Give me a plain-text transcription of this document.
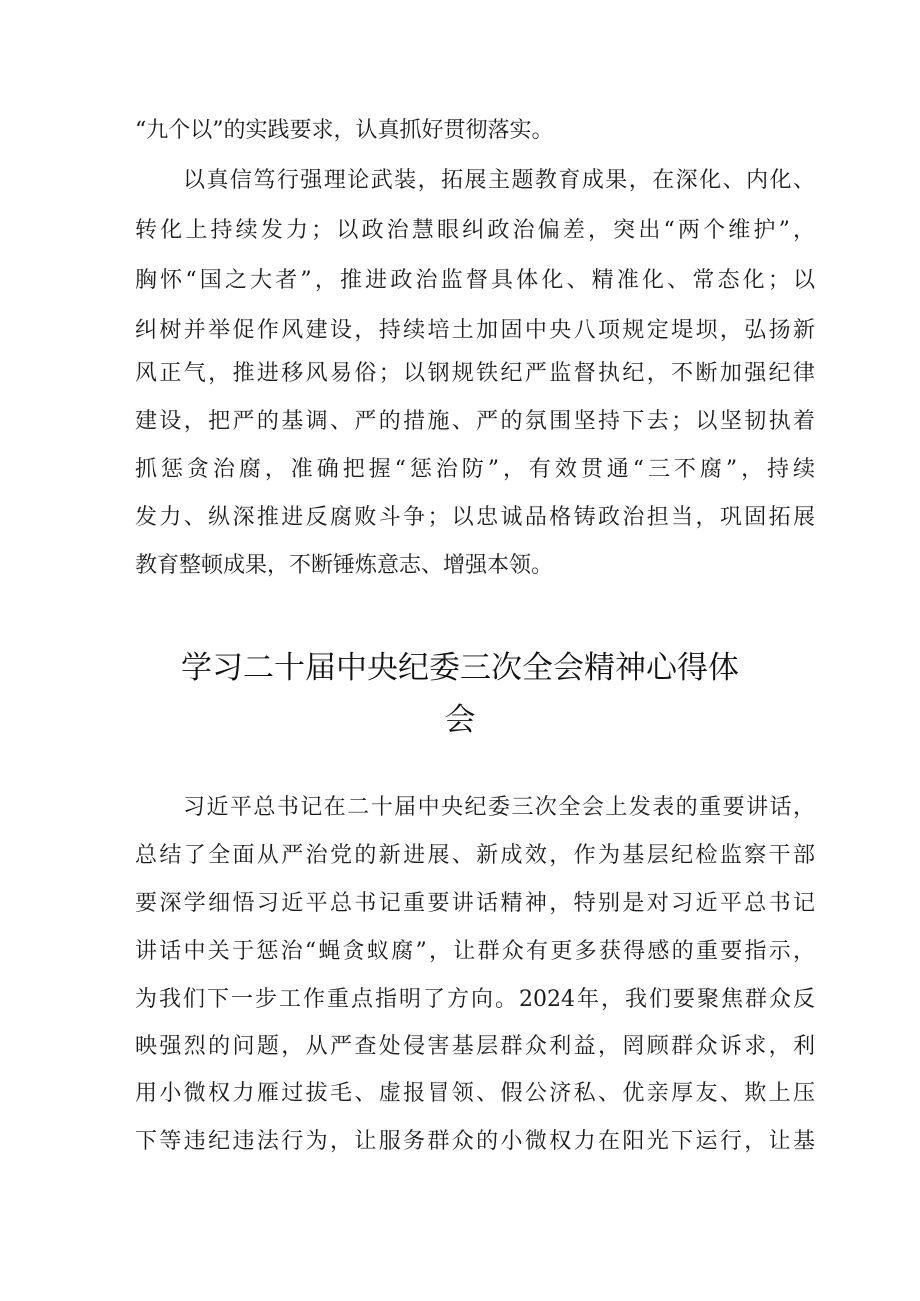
“九个以”的实践要求，认真抓好贯彻落实。
以真信笃行强理论武装，拓展主题教育成果，在深化、内化、
转化上持续发力；以政治慧眼纠政治偏差，突出“两个维护”，
胸怀“国之大者”，推进政治监督具体化、精准化、常态化；以
纠树并举促作风建设，持续培土加固中央八项规定堤坝，弘扬新
风正气，推进移风易俗；以钢规铁纪严监督执纪，不断加强纪律
建设，把严的基调、严的措施、严的氛围坚持下去；以坚韧执着
抓惩贪治腐，准确把握“惩治防”，有效贯通“三不腐”，持续
发力、纵深推进反腐败斗争；以忠诚品格铸政治担当，巩固拓展
教育整顿成果，不断锤炼意志、增强本领。
学习二十届中央纪委三次全会精神心得体
会
习近平总书记在二十届中央纪委三次全会上发表的重要讲话，
总结了全面从严治党的新进展、新成效，作为基层纪检监察干部
要深学细悟习近平总书记重要讲话精神，特别是对习近平总书记
讲话中关于惩治“蝇贪蚁腐”，让群众有更多获得感的重要指示，
为我们下一步工作重点指明了方向。2024年，我们要聚焦群众反
映强烈的问题，从严查处侵害基层群众利益，罔顾群众诉求，利
用小微权力雁过拔毛、虚报冒领、假公济私、优亲厚友、欺上压
下等违纪违法行为，让服务群众的小微权力在阳光下运行，让基
